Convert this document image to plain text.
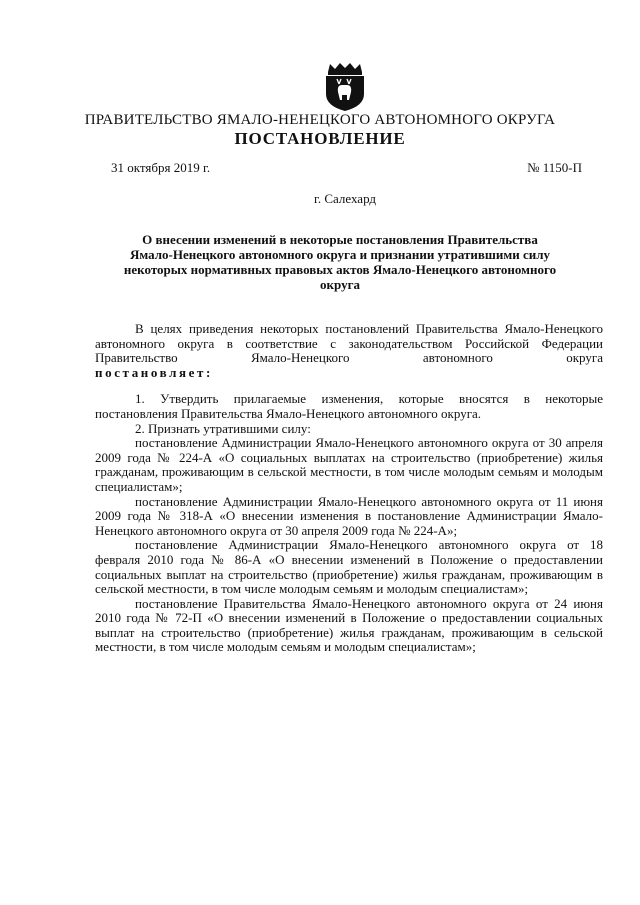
ПРАВИТЕЛЬСТВО ЯМАЛО-НЕНЕЦКОГО АВТОНОМНОГО ОКРУГА
ПОСТАНОВЛЕНИЕ
31 октября 2019 г.	№ 1150-П
г. Салехард
О внесении изменений в некоторые постановления Правительства Ямало-Ненецкого автономного округа и признании утратившими силу некоторых нормативных правовых актов Ямало-Ненецкого автономного округа

В целях приведения некоторых постановлений Правительства Ямало-Ненецкого автономного округа в соответствие с законодательством Российской Федерации Правительство Ямало-Ненецкого автономного округа

постановляет:

1. Утвердить прилагаемые изменения, которые вносятся в некоторые постановления Правительства Ямало-Ненецкого автономного округа.

2. Признать утратившими силу:

постановление Администрации Ямало-Ненецкого автономного округа от 30 апреля 2009 года № 224-А «О социальных выплатах на строительство (приобретение) жилья гражданам, проживающим в сельской местности, в том числе молодым семьям и молодым специалистам»;

постановление Администрации Ямало-Ненецкого автономного округа от 11 июня 2009 года № 318-А «О внесении изменения в постановление Администрации Ямало-Ненецкого автономного округа от 30 апреля 2009 года № 224-А»;

постановление Администрации Ямало-Ненецкого автономного округа от 18 февраля 2010 года № 86-А «О внесении изменений в Положение о предоставлении социальных выплат на строительство (приобретение) жилья гражданам, проживающим в сельской местности, в том числе молодым семьям и молодым специалистам»;

постановление Правительства Ямало-Ненецкого автономного округа от 24 июня 2010 года № 72-П «О внесении изменений в Положение о предоставлении социальных выплат на строительство (приобретение) жилья гражданам, проживающим в сельской местности, в том числе молодым семьям и молодым специалистам»;
